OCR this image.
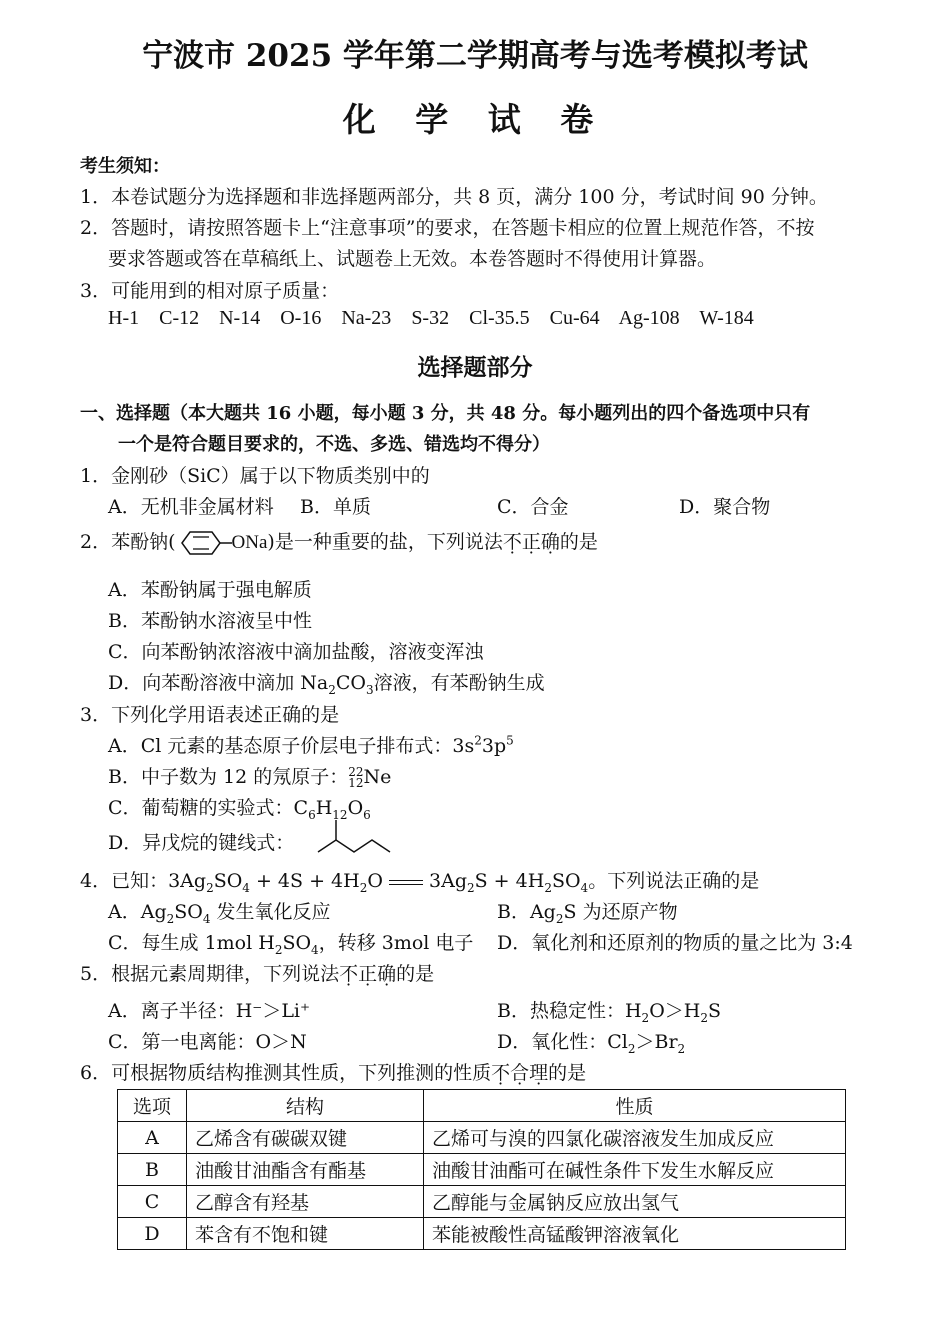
宁波市 2025 学年第二学期高考与选考模拟考试
化 学 试 卷
考生须知：
1．本卷试题分为选择题和非选择题两部分，共 8 页，满分 100 分，考试时间 90 分钟。
2．答题时，请按照答题卡上“注意事项”的要求，在答题卡相应的位置上规范作答，不按
要求答题或答在草稿纸上、试题卷上无效。本卷答题时不得使用计算器。
3．可能用到的相对原子质量：
H-1 C-12 N-14 O-16 Na-23 S-32 Cl-35.5 Cu-64 Ag-108 W-184
选择题部分
一、选择题（本大题共 16 小题，每小题 3 分，共 48 分。每小题列出的四个备选项中只有
一个是符合题目要求的，不选、多选、错选均不得分）
1．金刚砂（SiC）属于以下物质类别中的
A．无机非金属材料 B．单质	C．合金	D．聚合物
2．苯酚钠(	ONa)是一种重要的盐，下列说法不正确的是
A．苯酚钠属于强电解质
B．苯酚钠水溶液呈中性
C．向苯酚钠浓溶液中滴加盐酸，溶液变浑浊
D．向苯酚溶液中滴加 $Na_2CO_3$溶液，有苯酚钠生成
3．下列化学用语表述正确的是
A．Cl 元素的基态原子价层电子排布式：$3s^23p^5$
B．中子数为 12 的氖原子：22
12Ne
C．葡萄糖的实验式：$C_6H_{12}O_6$
D．异戊烷的键线式：
4．已知：$3Ag_2SO_4 + 4S + 4H_2O$  $3Ag_2S + 4H_2SO_4$。下列说法正确的是
A．$Ag_2SO_4$ 发生氧化反应	B．$Ag_2S$ 为还原产物
C．每生成 1mol $H_2SO_4$，转移 3mol 电子 D．氧化剂和还原剂的物质的量之比为 3:4
5．根据元素周期律，下列说法不正确的是
A．离子半径：H⁻＞Li⁺	B．热稳定性：$H_2O>H_2S$
C．第一电离能：O＞N	D．氧化性：$Cl_2>Br_2$
6．可根据物质结构推测其性质，下列推测的性质不合理的是
选项	结构	性质
A	乙烯含有碳碳双键	乙烯可与溴的四氯化碳溶液发生加成反应
B	油酸甘油酯含有酯基	油酸甘油酯可在碱性条件下发生水解反应
C	乙醇含有羟基	乙醇能与金属钠反应放出氢气
D	苯含有不饱和键	苯能被酸性高锰酸钾溶液氧化
